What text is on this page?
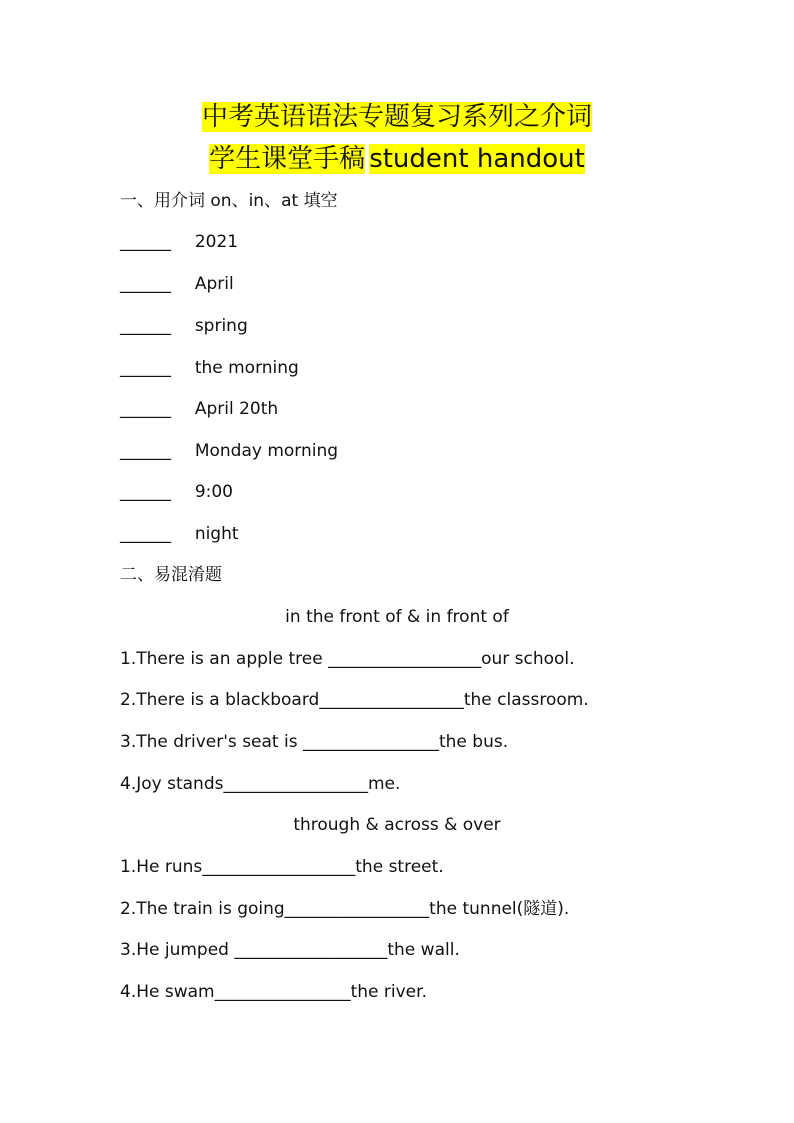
中考英语语法专题复习系列之介词
学生课堂手稿 student handout
一、用介词 on、in、at 填空
______ 2021
______ April
______ spring
______ the morning
______ April 20th
______ Monday morning
______ 9:00
______ night
二、易混淆题
in the front of & in front of
1.There is an apple tree __________________our school.
2.There is a blackboard_________________the classroom.
3.The driver's seat is ________________the bus.
4.Joy stands_________________me.
through & across & over
1.He runs__________________the street.
2.The train is going_________________the tunnel(隧道).
3.He jumped __________________the wall.
4.He swam________________the river.
